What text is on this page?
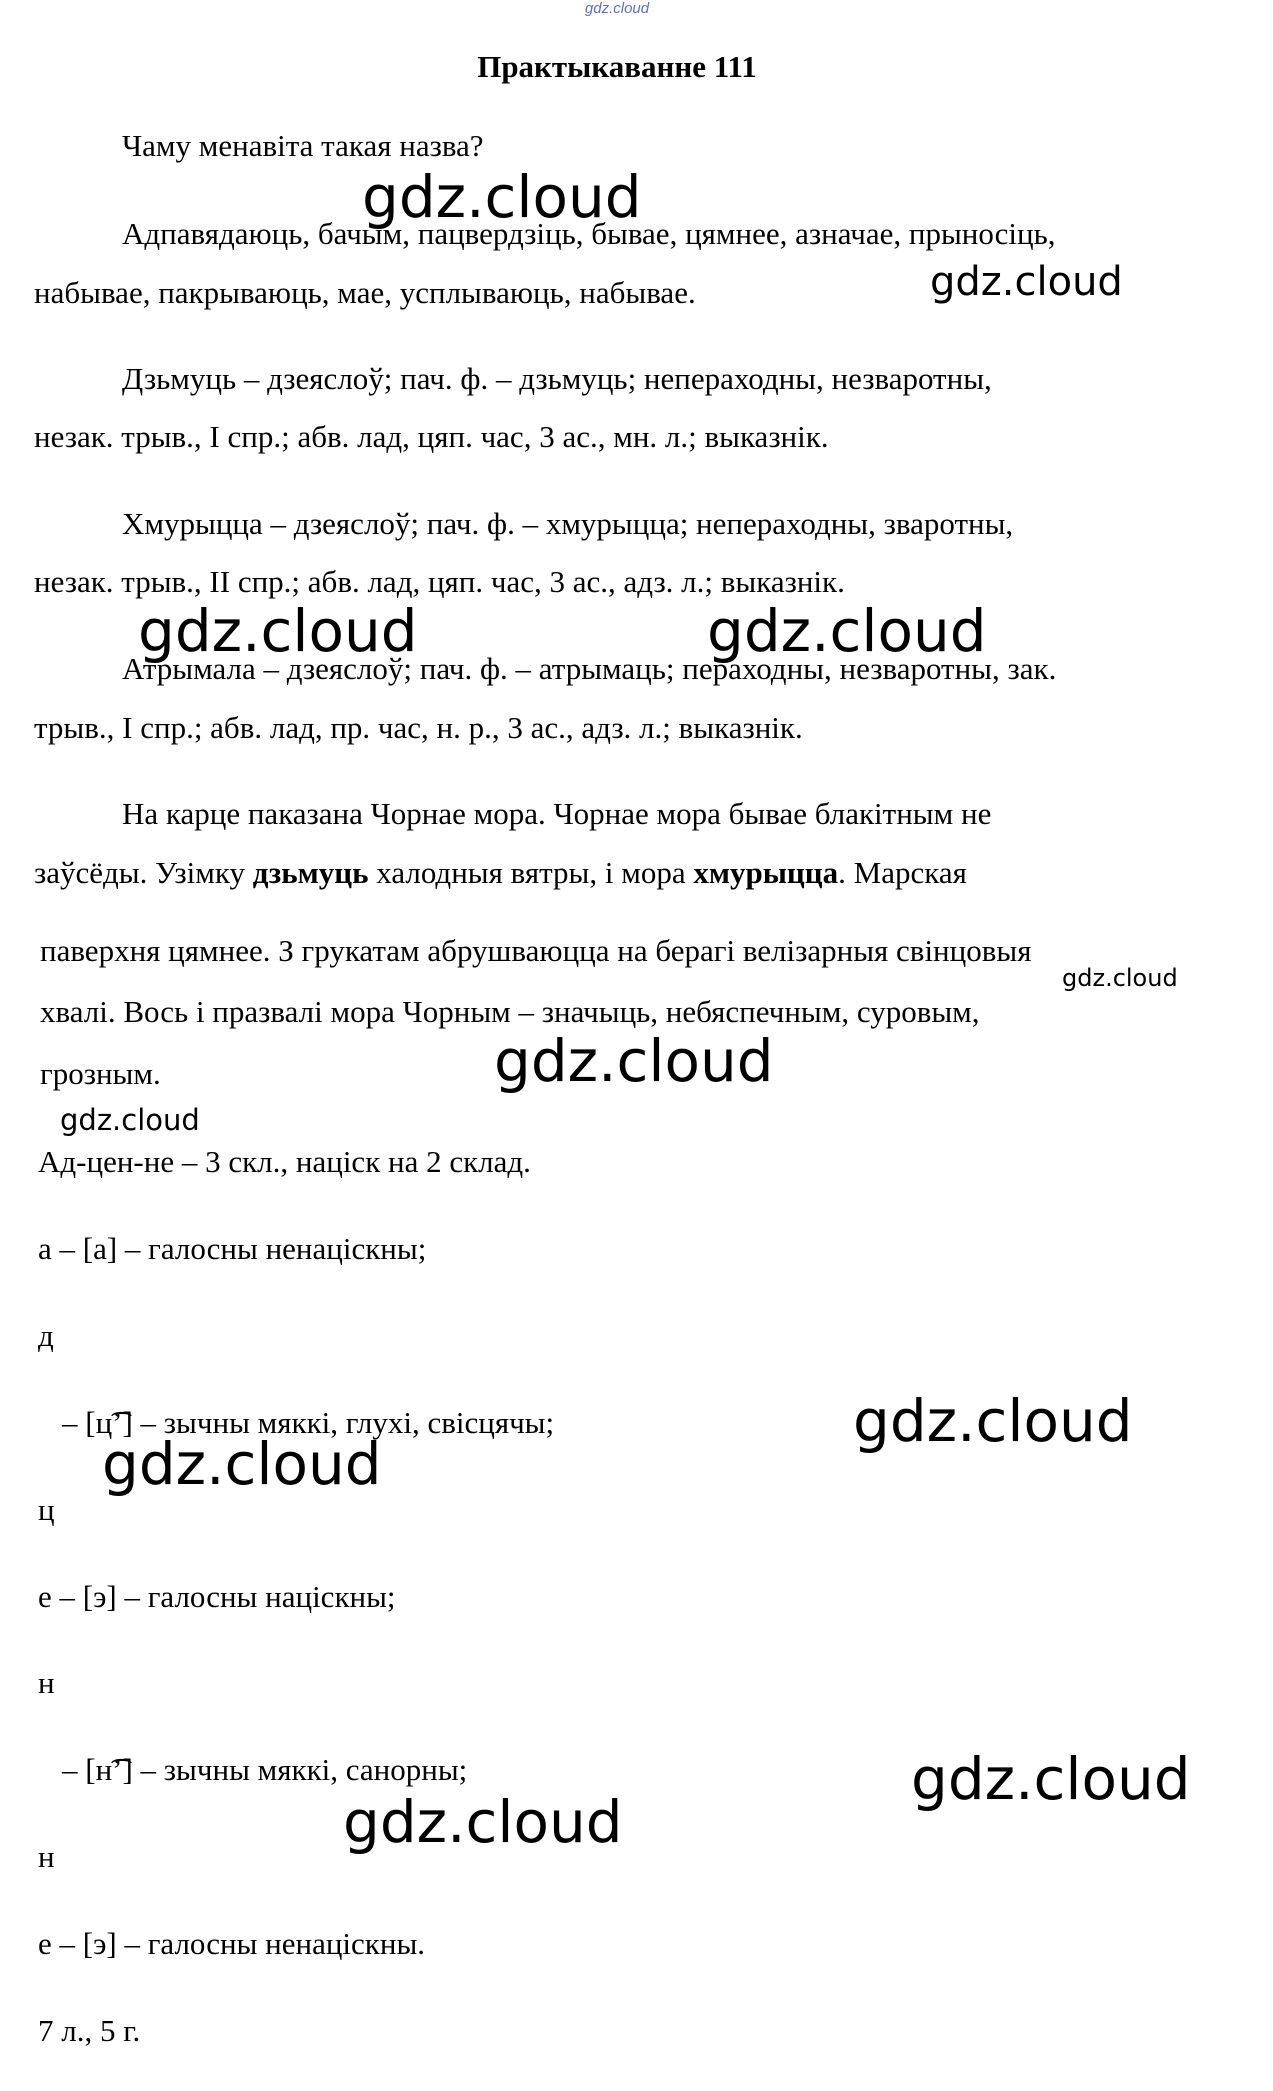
gdz.cloud
Практыкаванне 111
Чаму менавіта такая назва?
Адпавядаюць, бачым, пацвердзіць, бывае, цямнее, азначае, прыносіць,
набывае, пакрываюць, мае, усплываюць, набывае.
Дзьмуць – дзеяслоў; пач. ф. – дзьмуць; непераходны, незваротны,
незак. трыв., І спр.; абв. лад, цяп. час, 3 ас., мн. л.; выказнік.
Хмурыцца – дзеяслоў; пач. ф. – хмурыцца; непераходны, зваротны,
незак. трыв., ІІ спр.; абв. лад, цяп. час, 3 ас., адз. л.; выказнік.
Атрымала – дзеяслоў; пач. ф. – атрымаць; пераходны, незваротны, зак.
трыв., І спр.; абв. лад, пр. час, н. р., 3 ас., адз. л.; выказнік.
На карце паказана Чорнае мора. Чорнае мора бывае блакітным не
заўсёды. Узімку дзьмуць халодныя вятры, і мора хмурыцца. Марская
паверхня цямнее. З грукатам абрушваюцца на берагі велізарныя свінцовыя
хвалі. Вось і празвалі мора Чорным – значыць, небяспечным, суровым,
грозным.
Ад-цен-не – 3 скл., націск на 2 склад.
а – [а] – галосны ненаціскны;
д
– [ц͡’] – зычны мяккі, глухі, свісцячы;
ц
е – [э] – галосны націскны;
н
– [н͡’] – зычны мяккі, санорны;
н
е – [э] – галосны ненаціскны.
7 л., 5 г.
gdz.cloud
gdz.cloud
gdz.cloud	gdz.cloud
gdz.cloud
gdz.cloud
gdz.cloud
gdz.cloud
gdz.cloud
gdz.cloud
gdz.cloud
